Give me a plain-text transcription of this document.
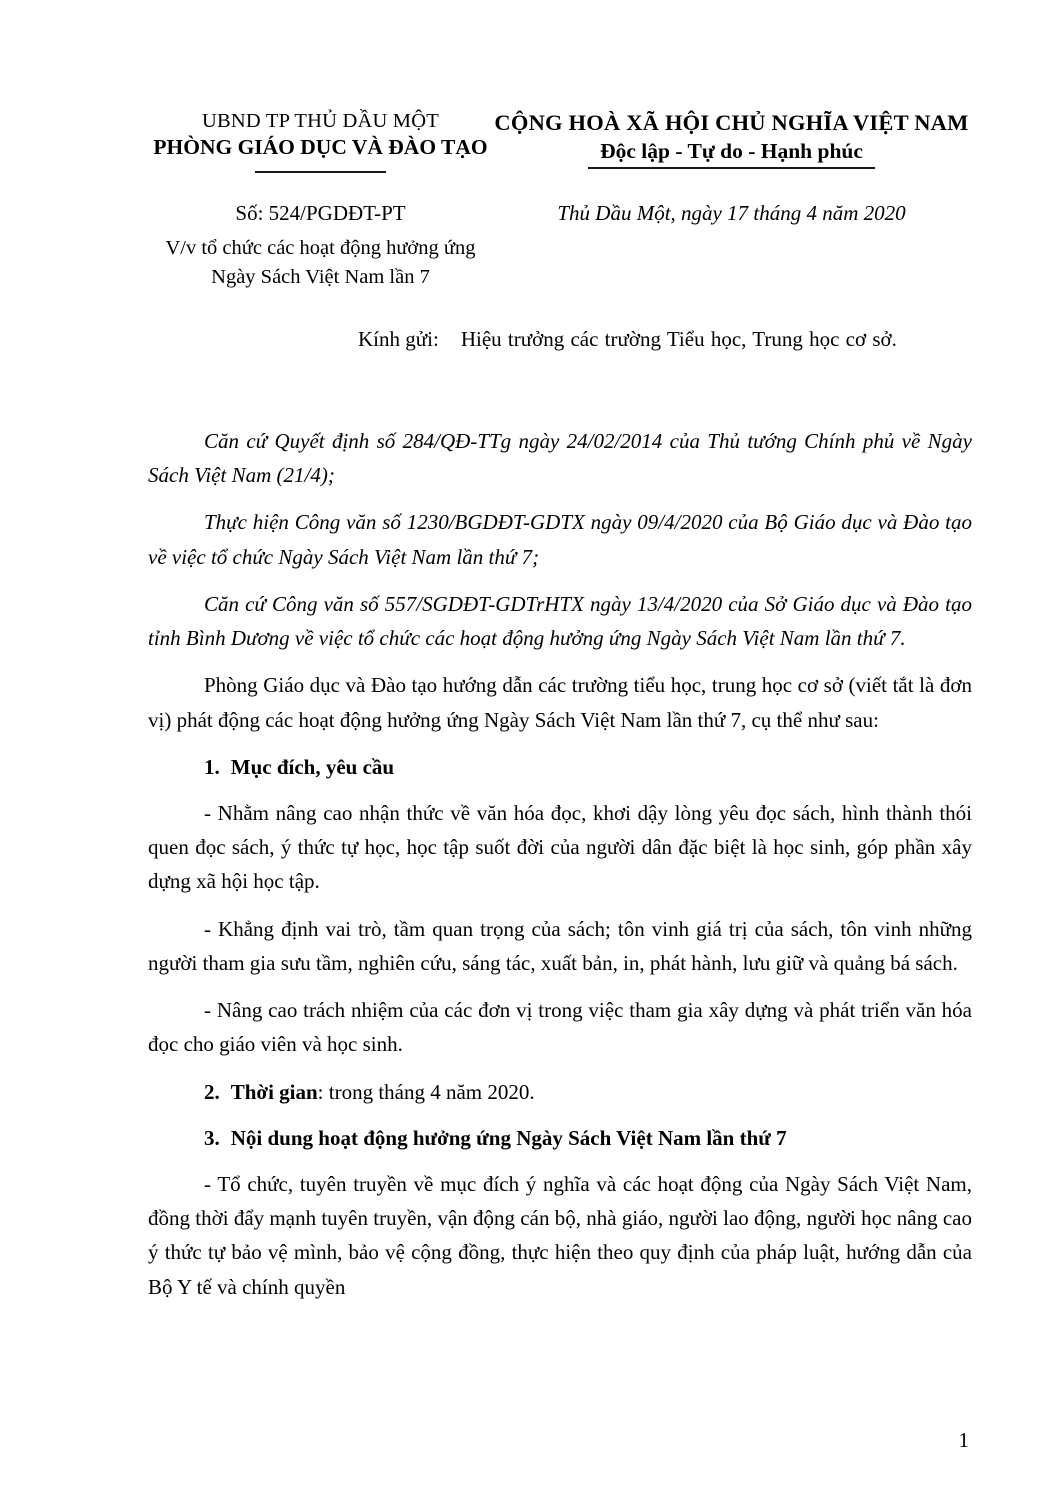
UBND TP THỦ DẦU MỘT
PHÒNG GIÁO DỤC VÀ ĐÀO TẠO
CỘNG HOÀ XÃ HỘI CHỦ NGHĨA VIỆT NAM
Độc lập - Tự do - Hạnh phúc
Số: 524/PGDĐT-PT
V/v tổ chức các hoạt động hưởng ứng
Ngày Sách Việt Nam lần 7
Thủ Dầu Một, ngày 17 tháng 4 năm 2020
Kính gửi:	Hiệu trưởng các trường Tiểu học, Trung học cơ sở.

Căn cứ Quyết định số 284/QĐ-TTg ngày 24/02/2014 của Thủ tướng Chính phủ về Ngày Sách Việt Nam (21/4);

Thực hiện Công văn số 1230/BGDĐT-GDTX ngày 09/4/2020 của Bộ Giáo dục và Đào tạo về việc tổ chức Ngày Sách Việt Nam lần thứ 7;

Căn cứ Công văn số 557/SGDĐT-GDTrHTX ngày 13/4/2020 của Sở Giáo dục và Đào tạo tỉnh Bình Dương về việc tổ chức các hoạt động hưởng ứng Ngày Sách Việt Nam lần thứ 7.

Phòng Giáo dục và Đào tạo hướng dẫn các trường tiểu học, trung học cơ sở (viết tắt là đơn vị) phát động các hoạt động hưởng ứng Ngày Sách Việt Nam lần thứ 7, cụ thể như sau:

1. Mục đích, yêu cầu

- Nhằm nâng cao nhận thức về văn hóa đọc, khơi dậy lòng yêu đọc sách, hình thành thói quen đọc sách, ý thức tự học, học tập suốt đời của người dân đặc biệt là học sinh, góp phần xây dựng xã hội học tập.

- Khẳng định vai trò, tầm quan trọng của sách; tôn vinh giá trị của sách, tôn vinh những người tham gia sưu tầm, nghiên cứu, sáng tác, xuất bản, in, phát hành, lưu giữ và quảng bá sách.

- Nâng cao trách nhiệm của các đơn vị trong việc tham gia xây dựng và phát triển văn hóa đọc cho giáo viên và học sinh.

2. Thời gian: trong tháng 4 năm 2020.
3. Nội dung hoạt động hưởng ứng Ngày Sách Việt Nam lần thứ 7

- Tổ chức, tuyên truyền về mục đích ý nghĩa và các hoạt động của Ngày Sách Việt Nam, đồng thời đẩy mạnh tuyên truyền, vận động cán bộ, nhà giáo, người lao động, người học nâng cao ý thức tự bảo vệ mình, bảo vệ cộng đồng, thực hiện theo quy định của pháp luật, hướng dẫn của Bộ Y tế và chính quyền

1
